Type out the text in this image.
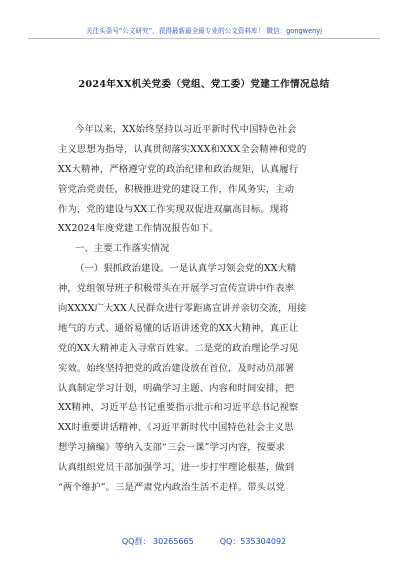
关注头条号“公文研究”，获得最新最全最专业的公文资料库！ 微信：gongwenyj
2024年XX机关党委（党组、党工委）党建工作情况总结
今年以来，XX始终坚持以习近平新时代中国特色社会
主义思想为指导，认真贯彻落实XXX和XXX全会精神和党的
XX大精神，严格遵守党的政治纪律和政治规矩，认真履行
管党治党责任，积极推进党的建设工作，作风务实，主动
作为，党的建设与XX工作实现双促进双赢高目标。现将
XX2024年度党建工作情况报告如下。
一、主要工作落实情况
（一）狠抓政治建设。一是认真学习领会党的XX大精
神，党组领导班子积极带头在开展学习宣传宣讲中作表率
向XXXX广大XX人民群众进行零距离宣讲并亲切交流，用接
地气的方式、通俗易懂的话语讲述党的XX大精神，真正让
党的XX大精神走入寻常百姓家。二是党的政治理论学习见
实效。始终坚持把党的政治建设放在首位，及时动员部署
认真制定学习计划，明确学习主题、内容和时间安排，把
XX精神、习近平总书记重要指示批示和习近平总书记视察
XX时重要讲话精神、《习近平新时代中国特色社会主义思
想学习摘编》等纳入支部“三会一课”学习内容，按要求
认真组织党员干部加强学习，进一步打牢理论根基，做到
“两个维护”。三是严肃党内政治生活不走样。带头以党
QQ群： 30265665	QQ：535304092
